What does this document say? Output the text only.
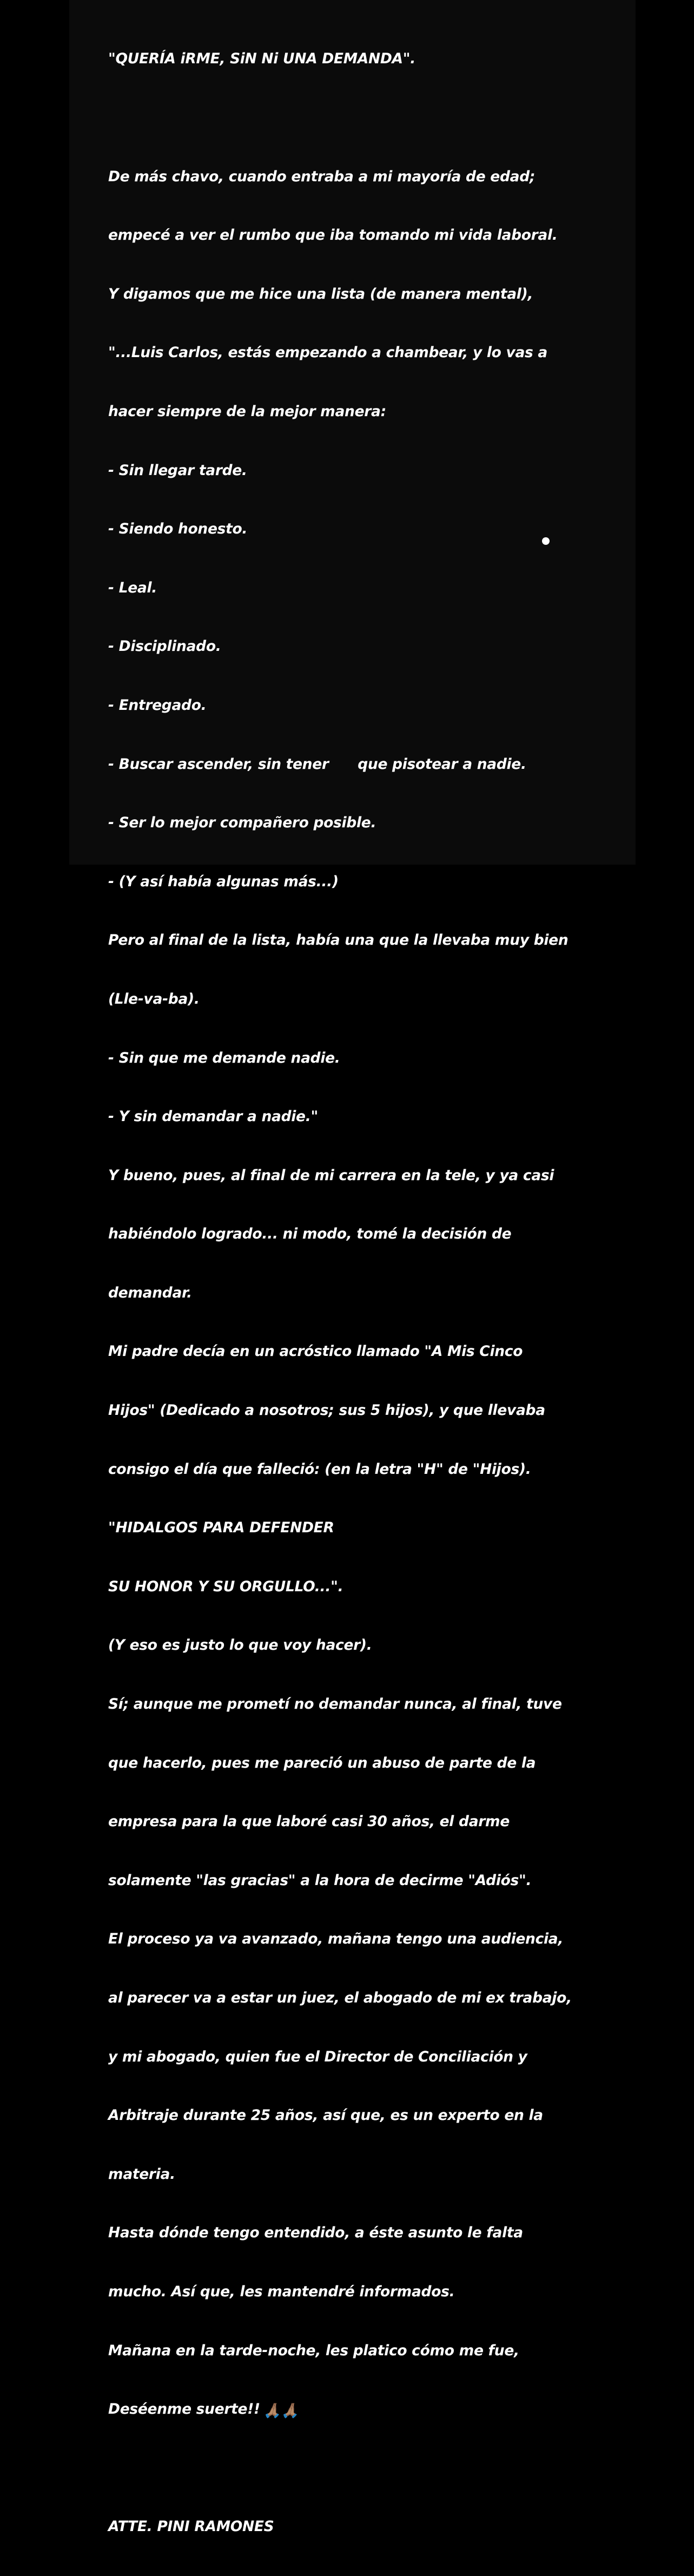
"QUERÍA iRME, SiN Ni UNA DEMANDA".

De más chavo, cuando entraba a mi mayoría de edad;

empecé a ver el rumbo que iba tomando mi vida laboral.

Y digamos que me hice una lista (de manera mental),

"...Luis Carlos, estás empezando a chambear, y lo vas a

hacer siempre de la mejor manera:

- Sin llegar tarde.

- Siendo honesto.

- Leal.

- Disciplinado.

- Entregado.

- Buscar ascender, sin tener      que pisotear a nadie.

- Ser lo mejor compañero posible.

- (Y así había algunas más...)

Pero al final de la lista, había una que la llevaba muy bien

(Lle-va-ba).

- Sin que me demande nadie.

- Y sin demandar a nadie."

Y bueno, pues, al final de mi carrera en la tele, y ya casi

habiéndolo logrado... ni modo, tomé la decisión de

demandar.

Mi padre decía en un acróstico llamado "A Mis Cinco

Hijos" (Dedicado a nosotros; sus 5 hijos), y que llevaba

consigo el día que falleció: (en la letra "H" de "Hijos).

"HIDALGOS PARA DEFENDER

SU HONOR Y SU ORGULLO...".

(Y eso es justo lo que voy hacer).

Sí; aunque me prometí no demandar nunca, al final, tuve

que hacerlo, pues me pareció un abuso de parte de la

empresa para la que laboré casi 30 años, el darme

solamente "las gracias" a la hora de decirme "Adiós".

El proceso ya va avanzado, mañana tengo una audiencia,

al parecer va a estar un juez, el abogado de mi ex trabajo,

y mi abogado, quien fue el Director de Conciliación y

Arbitraje durante 25 años, así que, es un experto en la

materia.

Hasta dónde tengo entendido, a éste asunto le falta

mucho. Así que, les mantendré informados.

Mañana en la tarde-noche, les platico cómo me fue,

Deséenme suerte!! 🙏🏽🙏🏽

ATTE. PINI RAMONES
